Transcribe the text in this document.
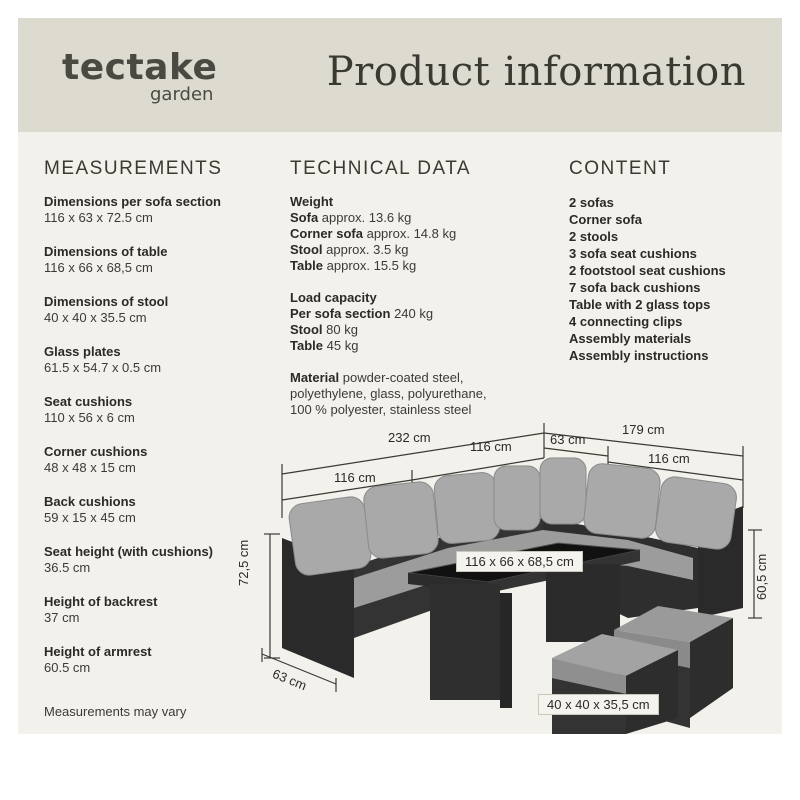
tectake
garden	Product information
MEASUREMENTS
Dimensions per sofa section
116 x 63 x 72.5 cm
Dimensions of table
116 x 66 x 68,5 cm
Dimensions of stool
40 x 40 x 35.5 cm
Glass plates
61.5 x 54.7 x 0.5 cm
Seat cushions
110 x 56 x 6 cm
Corner cushions
48 x 48 x 15 cm
Back cushions
59 x 15 x 45 cm
Seat height (with cushions)
36.5 cm
Height of backrest
37 cm
Height of armrest
60.5 cm
Measurements may vary
TECHNICAL DATA
Weight
Sofa approx. 13.6 kg
Corner sofa approx. 14.8 kg
Stool approx. 3.5 kg
Table approx. 15.5 kg
Load capacity
Per sofa section 240 kg
Stool 80 kg
Table 45 kg
Material powder-coated steel,
polyethylene, glass, polyurethane,
100 % polyester, stainless steel
CONTENT
2 sofas
Corner sofa
2 stools
3 sofa seat cushions
2 footstool seat cushions
7 sofa back cushions
Table with 2 glass tops
4 connecting clips
Assembly materials
Assembly instructions
232 cm
116 cm
116 cm	63 cm
179 cm
116 cm
72,5 cm	60,5 cm
63 cm
116 x 66 x 68,5 cm
40 x 40 x 35,5 cm
